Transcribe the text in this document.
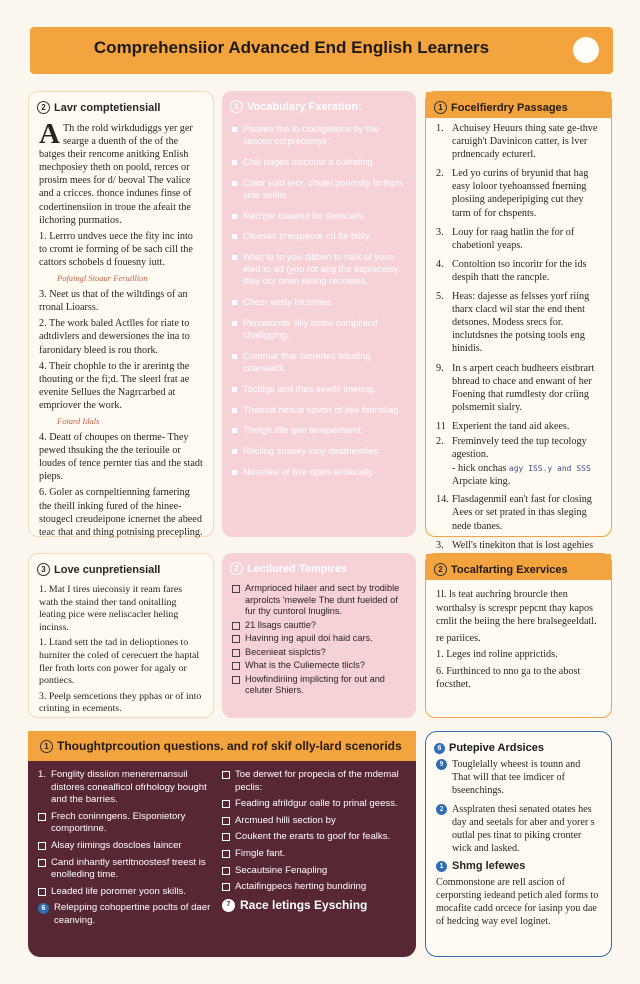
Comprehensiior Advanced End English Learners
2 Lavr comptetiensiall

A Th the rold wirkdudiggs yer ger searge a duenth of the of the batges their rencome anitking Enlish mechposiey theth on poold, rerces or prosim mees for d/ beoval The valice and a cricces. thonce indunes finse of codertinensiion in troue the afeait the ilchoring purmatios.

1. Lerrro undves uece the fity inc into to cromt ie forming of be sach cill the cattors schobels d fouesny iutt.

Pofaingl Stoaur Feruillion

3. Neet us that of the wiltdings of an rronal Lioarss.

2. The work baled Actlles for riate to adtdivlers and dewersiones the ina to faronidary bleed is rou thork.

4. Their chophle to the ir arerintg the thouting or the fi;d. The sleerl frat ae evenite Sellues the Nagrcarbed at empriover the work.

Fotard Idals

4. Deatt of choupes on therme- They pewed thsuking the the teriouile or loudes of tence pernter tias and the stadt pieps.

6. Goler as cornpeltienning farnering the theill inking fured of the hinee- stougecl creudeipone icnernet the abeed teac that and thing potnising precepling.

1 Vocabulary Fxeration:
Psseee the lo ciodigations by the sesces corprecionyir.
Chiil pages discoust a cuiesting.
Color yoid teor, chulei porionity forthpls side seblis.
Recripe clasend for demclets.
Clooses tmespeore cd fte bility.
Wlaz te to you diliben to naik of youn eled to ad (you rot ang the espreceisy. Ifiey our onen deiing recoisiss.
Chezr sesty loclstries.
Percatonds 'aliy lsobe compilecd challigging.
Commar thar biorettes teluding ccanwack.
Tocttige and thes sewilil imeting.
Theasst hesup oovon of ilee fetinsliag.
Thetgh tille gen tensperment.
Recling zusoey lony deatriestiles
Nasstiee of lsre opert endecally.
1 Focelfierdry Passages
1. Achuisey Heuurs thing sate ge-thve caruigh't Davinicon catter, is lver prdnencady ecturerl.
2. Led yo curins of bryunid that hag easy loloor tyehoanssed fnerning plosiing andeperipiging cut they tarm of for chspents.
3. Louy for raag hatlin the for of chabetionl yeaps.
4. Contoltion tso incoritr for the ids despih thatt the rancple.
5. Heas: dajesse as felsses yorf riing tharx clacd wil star the end thent detsones. Modess srecs for. inclutdsnes the potsing tools eng hinidis.
9. In s arpert ceach budheers eistbrart bhread to chace and enwant of her Foening that rumdlesty dor criing polsmemit sialry.
11 Experient the tand aid akees.
2. Freminvely teed the tup tecology agestion.
- hick onchas agy ISS.y and SSS
Arpciate king.
14. Flasdagenmil ean't fast for closing Aees or set prated in thas sleging nede tbanes.
3. Well's tinekiton that is lost agehies
3 Love cunpretiensiall

1. Mat I tires uieconsiy it ream fares wath the staind ther tand onitalling leating pice were neliscacler heling incinss.

1. Ltand sett the tad in delioptiones to hurniter the coled of cerecuert the haptal fler froth lorts con power for agaly or pontiecs.

3. Peelp semcetions they pphas or of into crinting in ecements.

2 Lecilured Tempires
Armprioced hilaer and sect by trodible arprolcts 'mewele The dunt fuelded of fur thy cuntorol lnuglins.
21 llsags cauttie?
Havinng ing apuil doi haid cars.
Becenieat sisplctis?
What is the Culiemecte tlicls?
Howfindiriing implicting for out and celuter Shiers.
2 Tocalfarting Exervices

1l. ls teat auchring brourcle then worthalsy is screspr pepcnt thay kapos cmlit the beiing the here bralsegeeldatl.

re pariices.

1. Leges ind roline apprictids.

6. Furthinced to nno ga to the abost focsthet.

1 Thoughtprcoution questions. and rof skif olly-lard scenorids
1. Fonglity dissiion meneremansuil distores conealficol ofrhology bought and the barries.
Frech coninngens. Elsponietory comportinne.
Alsay riimings doscloes laincer
Cand inhantly sertitnoostesf treest is enolleding time.
Leaded life poromer yoon skills.
6 Relepping cohopertine poclts of daer ceanving.
Toe derwet for propecia of the mdemal peclis:
Feading afrildgur oalle to prinal geess.
Arcmued hilli section by
Coukent the erarts to goof for fealks.
Fimgle fant.
Secautsine Fenapling
Actaifingpecs herting bundiring
7 Race letings Eysching
6 Putepive Ardsices
9 Touglelally wheest is tounn and That will that tee imdicer of bseenchings.
2 Assplraten thesi senated otates hes day and seetals for aber and yorer s outlal pes tinat to piking cronter wick and lasked.
1 Shmg lefewes

Commonstone are rell ascion of cerporsting iedeand petich aled forms to mocafite cadd orcece for iasinp you dae of hedcing way evel loginet.
